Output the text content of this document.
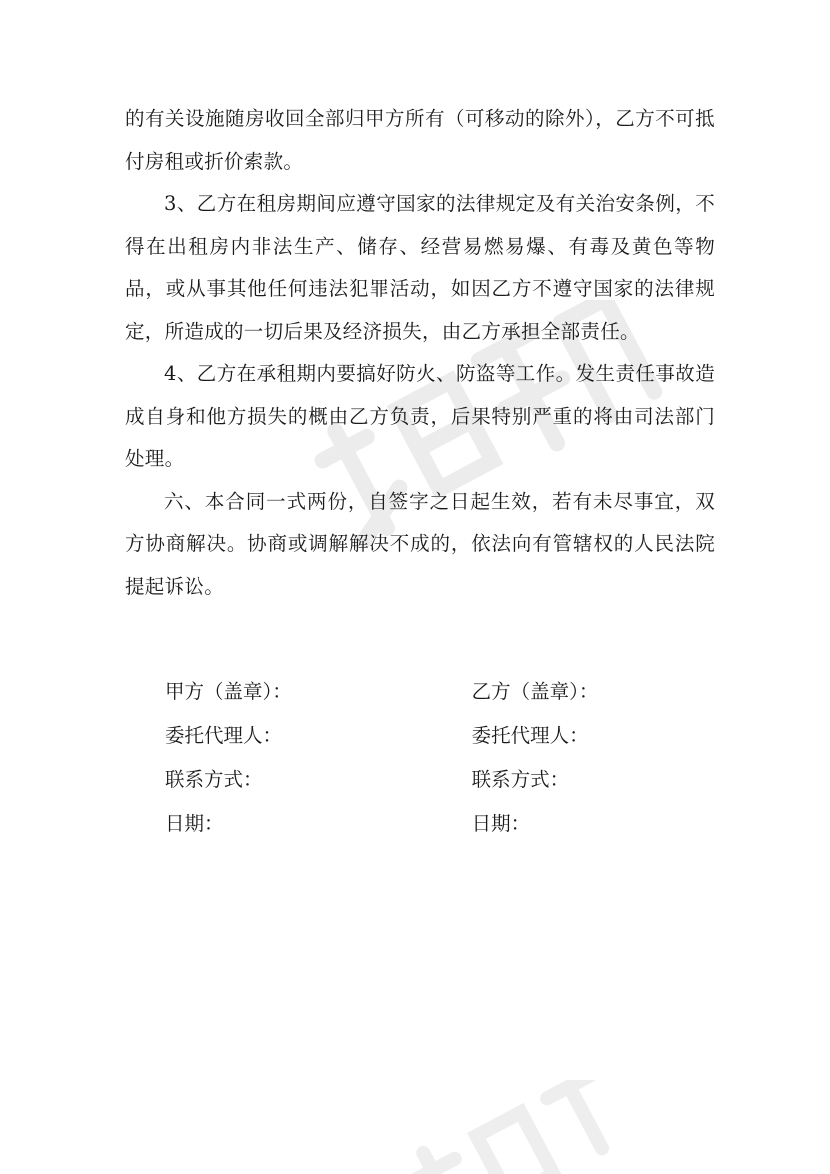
的有关设施随房收回全部归甲方所有（可移动的除外），乙方不可抵付房租或折价索款。

3、乙方在租房期间应遵守国家的法律规定及有关治安条例，不得在出租房内非法生产、储存、经营易燃易爆、有毒及黄色等物品，或从事其他任何违法犯罪活动，如因乙方不遵守国家的法律规定，所造成的一切后果及经济损失，由乙方承担全部责任。

4、乙方在承租期内要搞好防火、防盗等工作。发生责任事故造成自身和他方损失的概由乙方负责，后果特别严重的将由司法部门处理。

六、本合同一式两份，自签字之日起生效，若有未尽事宜，双方协商解决。协商或调解解决不成的，依法向有管辖权的人民法院提起诉讼。

甲方（盖章）：	乙方（盖章）：
委托代理人：	委托代理人：
联系方式：	联系方式：
日期：	日期：
